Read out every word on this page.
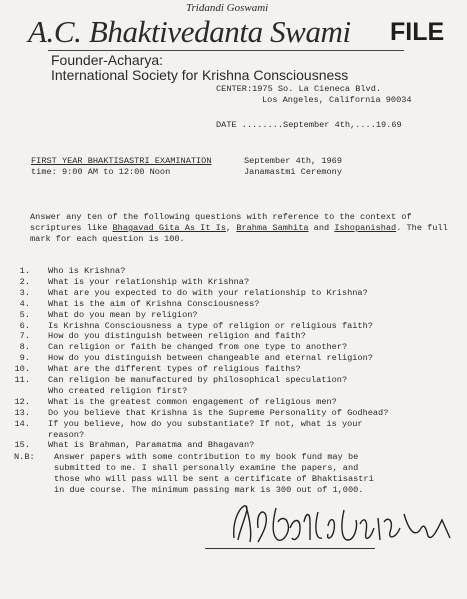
Tridandi Goswami
A.C. Bhaktivedanta Swami FILE
Founder-Acharya:
International Society for Krishna Consciousness
CENTER:1975 So. La Cieneca Blvd.
Los Angeles, California 90034
DATE ........September 4th,....19.69
FIRST YEAR BHAKTISASTRI EXAMINATION
time: 9:00 AM to 12:00 Noon
September 4th, 1969
Janamastmi Ceremony
Answer any ten of the following questions with reference to the context of scriptures like Bhagavad Gita As It Is, Brahma Samhita and Ishopanishad. The full mark for each question is 100.
1. Who is Krishna?
2. What is your relationship with Krishna?
3. What are you expected to do with your relationship to Krishna?
4. What is the aim of Krishna Consciousness?
5. What do you mean by religion?
6. Is Krishna Consciousness a type of religion or religious faith?
7. How do you distinguish between religion and faith?
8. Can religion or faith be changed from one type to another?
9. How do you distinguish between changeable and eternal religion?
10. What are the different types of religious faiths?
11. Can religion be manufactured by philosophical speculation?
Who created religion first?
12. What is the greatest common engagement of religious men?
13. Do you believe that Krishna is the Supreme Personality of Godhead?
14. If you believe, how do you substantiate? If not, what is your
reason?
15. What is Brahman, Paramatma and Bhagavan?
N.B: Answer papers with some contribution to my book fund may be
submitted to me. I shall personally examine the papers, and
those who will pass will be sent a certificate of Bhaktisastri
in due course. The minimum passing mark is 300 out of 1,000.
